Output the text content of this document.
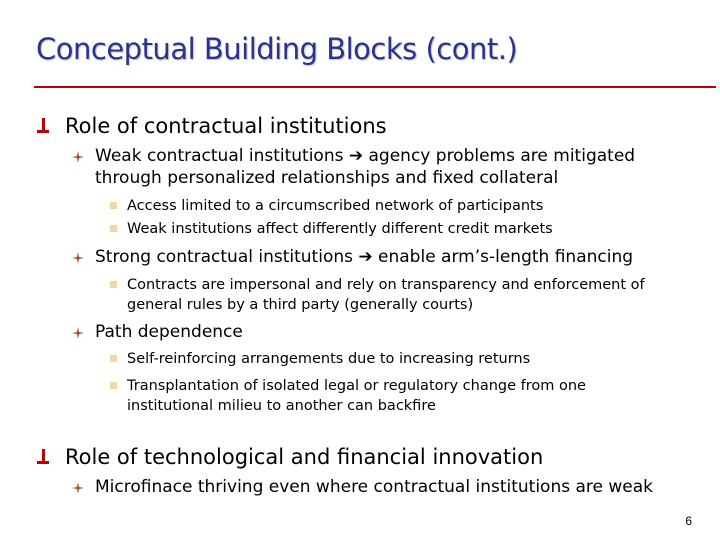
Conceptual Building Blocks (cont.)
Role of contractual institutions
Weak contractual institutions ➔ agency problems are mitigated
through personalized relationships and fixed collateral
Access limited to a circumscribed network of participants
Weak institutions affect differently different credit markets
Strong contractual institutions ➔ enable arm’s-length financing
Contracts are impersonal and rely on transparency and enforcement of
general rules by a third party (generally courts)
Path dependence
Self-reinforcing arrangements due to increasing returns
Transplantation of isolated legal or regulatory change from one
institutional milieu to another can backfire
Role of technological and financial innovation
Microfinace thriving even where contractual institutions are weak
6
